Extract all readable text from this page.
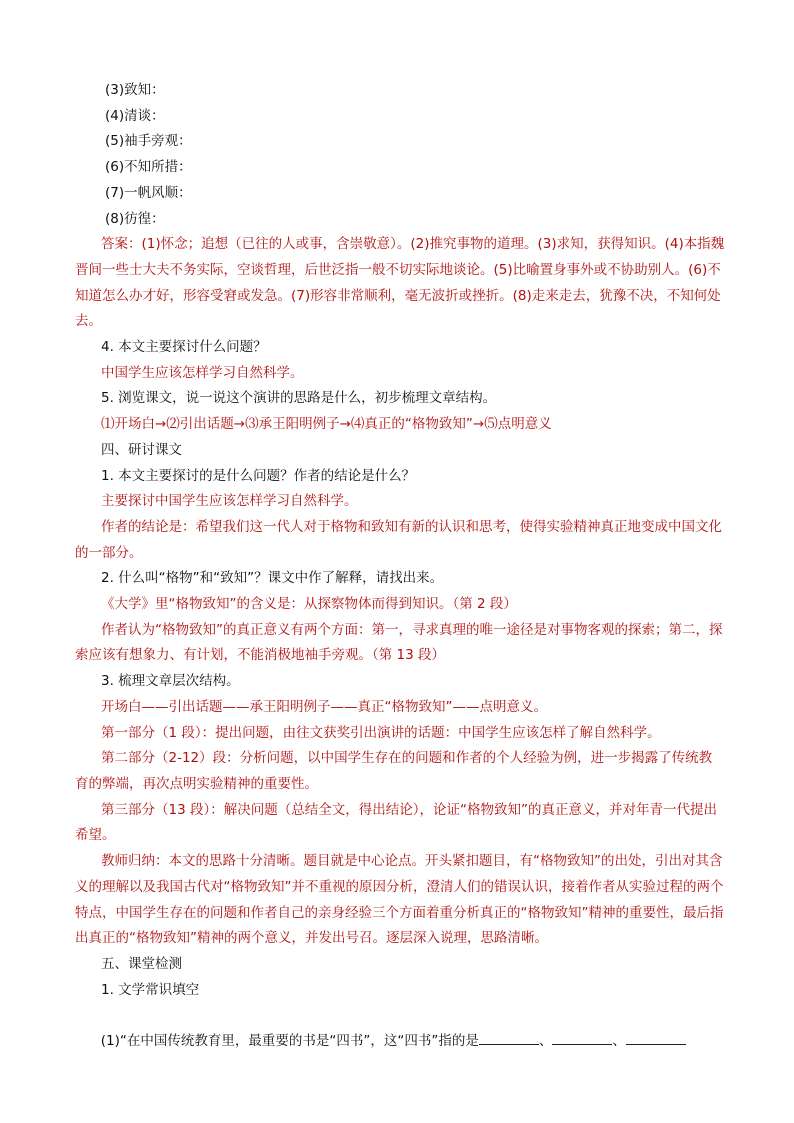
(3)致知：
(4)清谈：
(5)袖手旁观：
(6)不知所措：
(7)一帆风顺：
(8)彷徨：

答案：(1)怀念；追想（已往的人或事，含崇敬意）。(2)推究事物的道理。(3)求知，获得知识。(4)本指魏晋间一些士大夫不务实际，空谈哲理，后世泛指一般不切实际地谈论。(5)比喻置身事外或不协助别人。(6)不知道怎么办才好，形容受窘或发急。(7)形容非常顺利，毫无波折或挫折。(8)走来走去，犹豫不决，不知何处去。

4. 本文主要探讨什么问题？
中国学生应该怎样学习自然科学。
5. 浏览课文，说一说这个演讲的思路是什么，初步梳理文章结构。
⑴开场白→⑵引出话题→⑶承王阳明例子→⑷真正的“格物致知”→⑸点明意义
四、研讨课文
1. 本文主要探讨的是什么问题？作者的结论是什么？
主要探讨中国学生应该怎样学习自然科学。

作者的结论是：希望我们这一代人对于格物和致知有新的认识和思考，使得实验精神真正地变成中国文化的一部分。

2. 什么叫“格物”和“致知”？课文中作了解释，请找出来。
《大学》里“格物致知”的含义是：从探察物体而得到知识。（第 2 段）

作者认为“格物致知”的真正意义有两个方面：第一，寻求真理的唯一途径是对事物客观的探索；第二，探索应该有想象力、有计划，不能消极地袖手旁观。（第 13 段）

3. 梳理文章层次结构。
开场白——引出话题——承王阳明例子——真正“格物致知”——点明意义。

第一部分（1 段）：提出问题，由往文获奖引出演讲的话题：中国学生应该怎样了解自然科学。

第二部分（2-12）段：分析问题，以中国学生存在的问题和作者的个人经验为例，进一步揭露了传统教育的弊端，再次点明实验精神的重要性。

第三部分（13 段）：解决问题（总结全文，得出结论），论证“格物致知”的真正意义，并对年青一代提出希望。

教师归纳：本文的思路十分清晰。题目就是中心论点。开头紧扣题目，有“格物致知”的出处，引出对其含义的理解以及我国古代对“格物致知”并不重视的原因分析，澄清人们的错误认识，接着作者从实验过程的两个特点，中国学生存在的问题和作者自己的亲身经验三个方面着重分析真正的“格物致知”精神的重要性，最后指出真正的“格物致知”精神的两个意义，并发出号召。逐层深入说理，思路清晰。

五、课堂检测
1. 文学常识填空

(1)“在中国传统教育里，最重要的书是“四书”，这“四书”指的是	、	、
